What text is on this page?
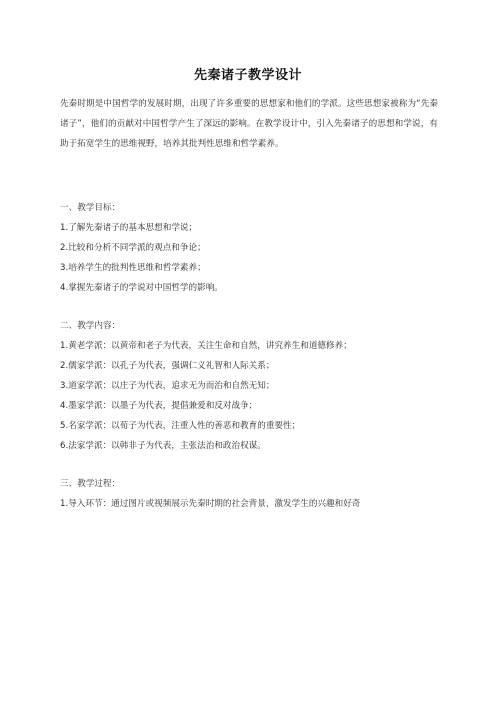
先秦诸子教学设计
先秦时期是中国哲学的发展时期，出现了许多重要的思想家和他们的学派。这些思想家被称为“先秦诸子”，他们的贡献对中国哲学产生了深远的影响。在教学设计中，引入先秦诸子的思想和学说，有助于拓宽学生的思维视野，培养其批判性思维和哲学素养。
一、教学目标：
1.了解先秦诸子的基本思想和学说；
2.比较和分析不同学派的观点和争论；
3.培养学生的批判性思维和哲学素养；
4.掌握先秦诸子的学说对中国哲学的影响。
二、教学内容：
1.黄老学派：以黄帝和老子为代表，关注生命和自然，讲究养生和道德修养；
2.儒家学派：以孔子为代表，强调仁义礼智和人际关系；
3.道家学派：以庄子为代表，追求无为而治和自然无知；
4.墨家学派：以墨子为代表，提倡兼爱和反对战争；
5.名家学派：以荀子为代表，注重人性的善恶和教育的重要性；
6.法家学派：以韩非子为代表，主张法治和政治权谋。
三、教学过程：
1.导入环节：通过图片或视频展示先秦时期的社会背景，激发学生的兴趣和好奇
